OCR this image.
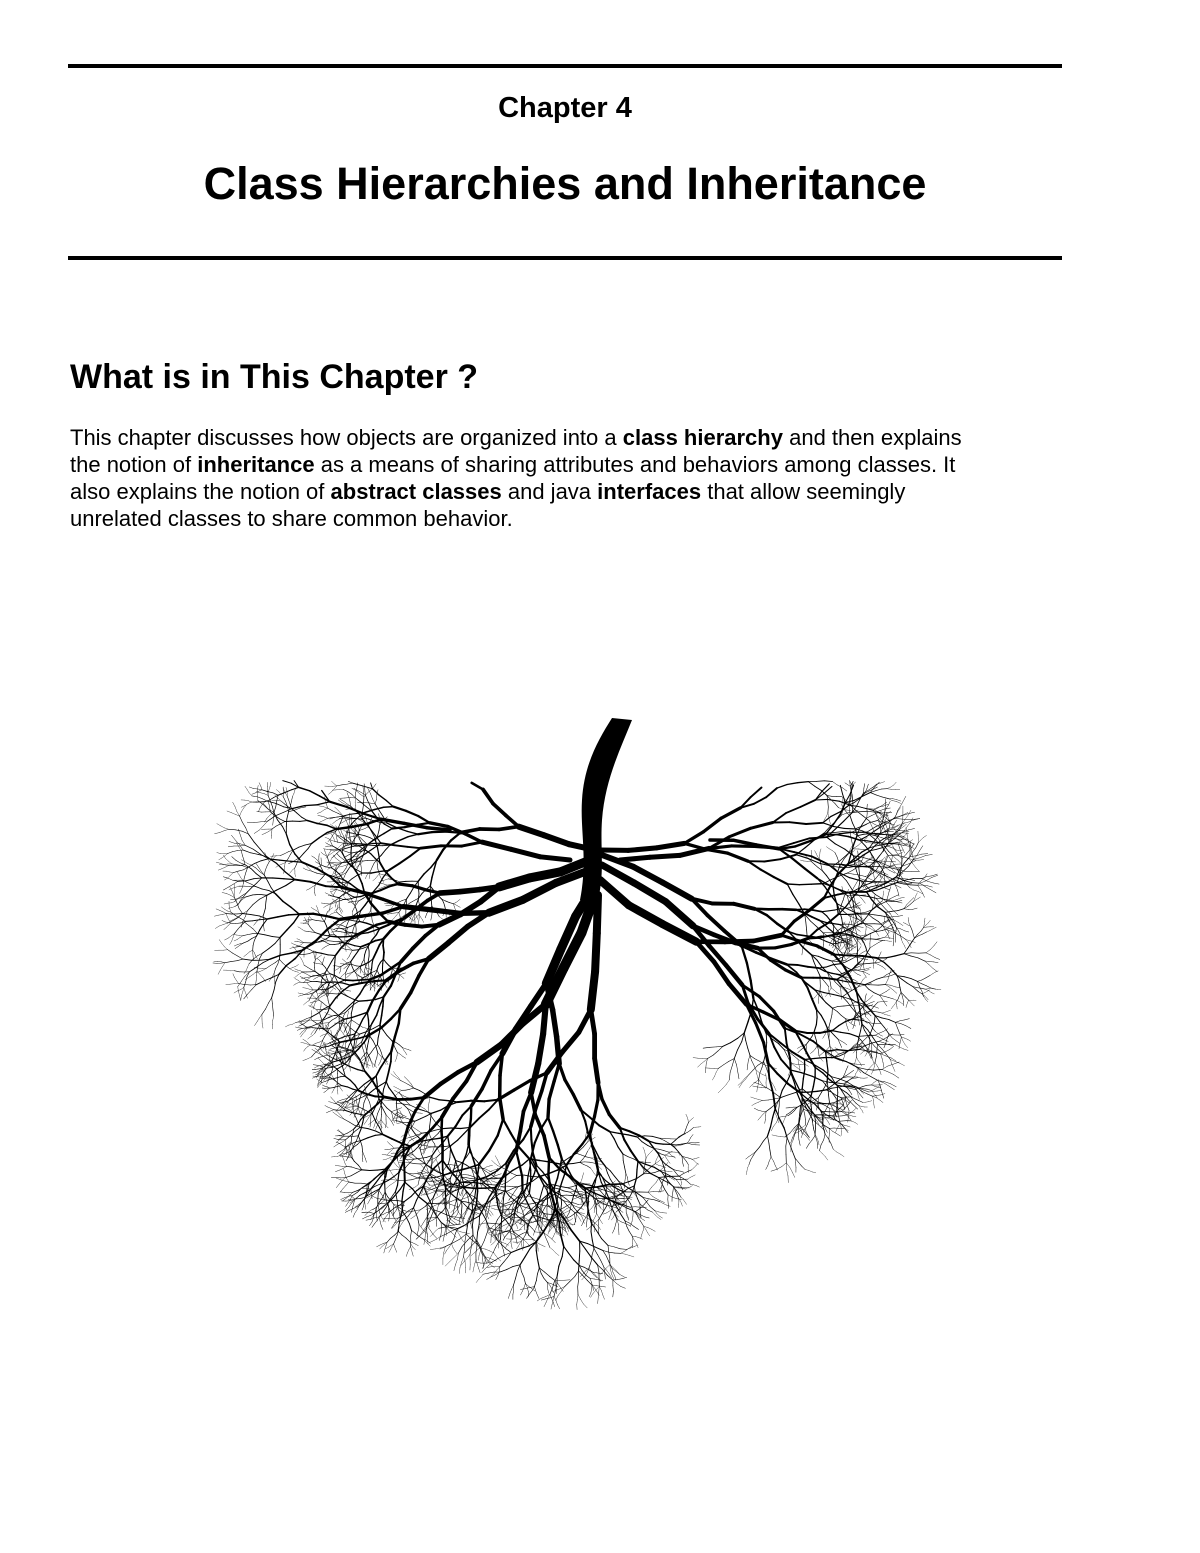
Chapter 4
Class Hierarchies and Inheritance
What is in This Chapter ?
This chapter discusses how objects are organized into a class hierarchy and then explains
the notion of inheritance as a means of sharing attributes and behaviors among classes. It
also explains the notion of abstract classes and java interfaces that allow seemingly
unrelated classes to share common behavior.
